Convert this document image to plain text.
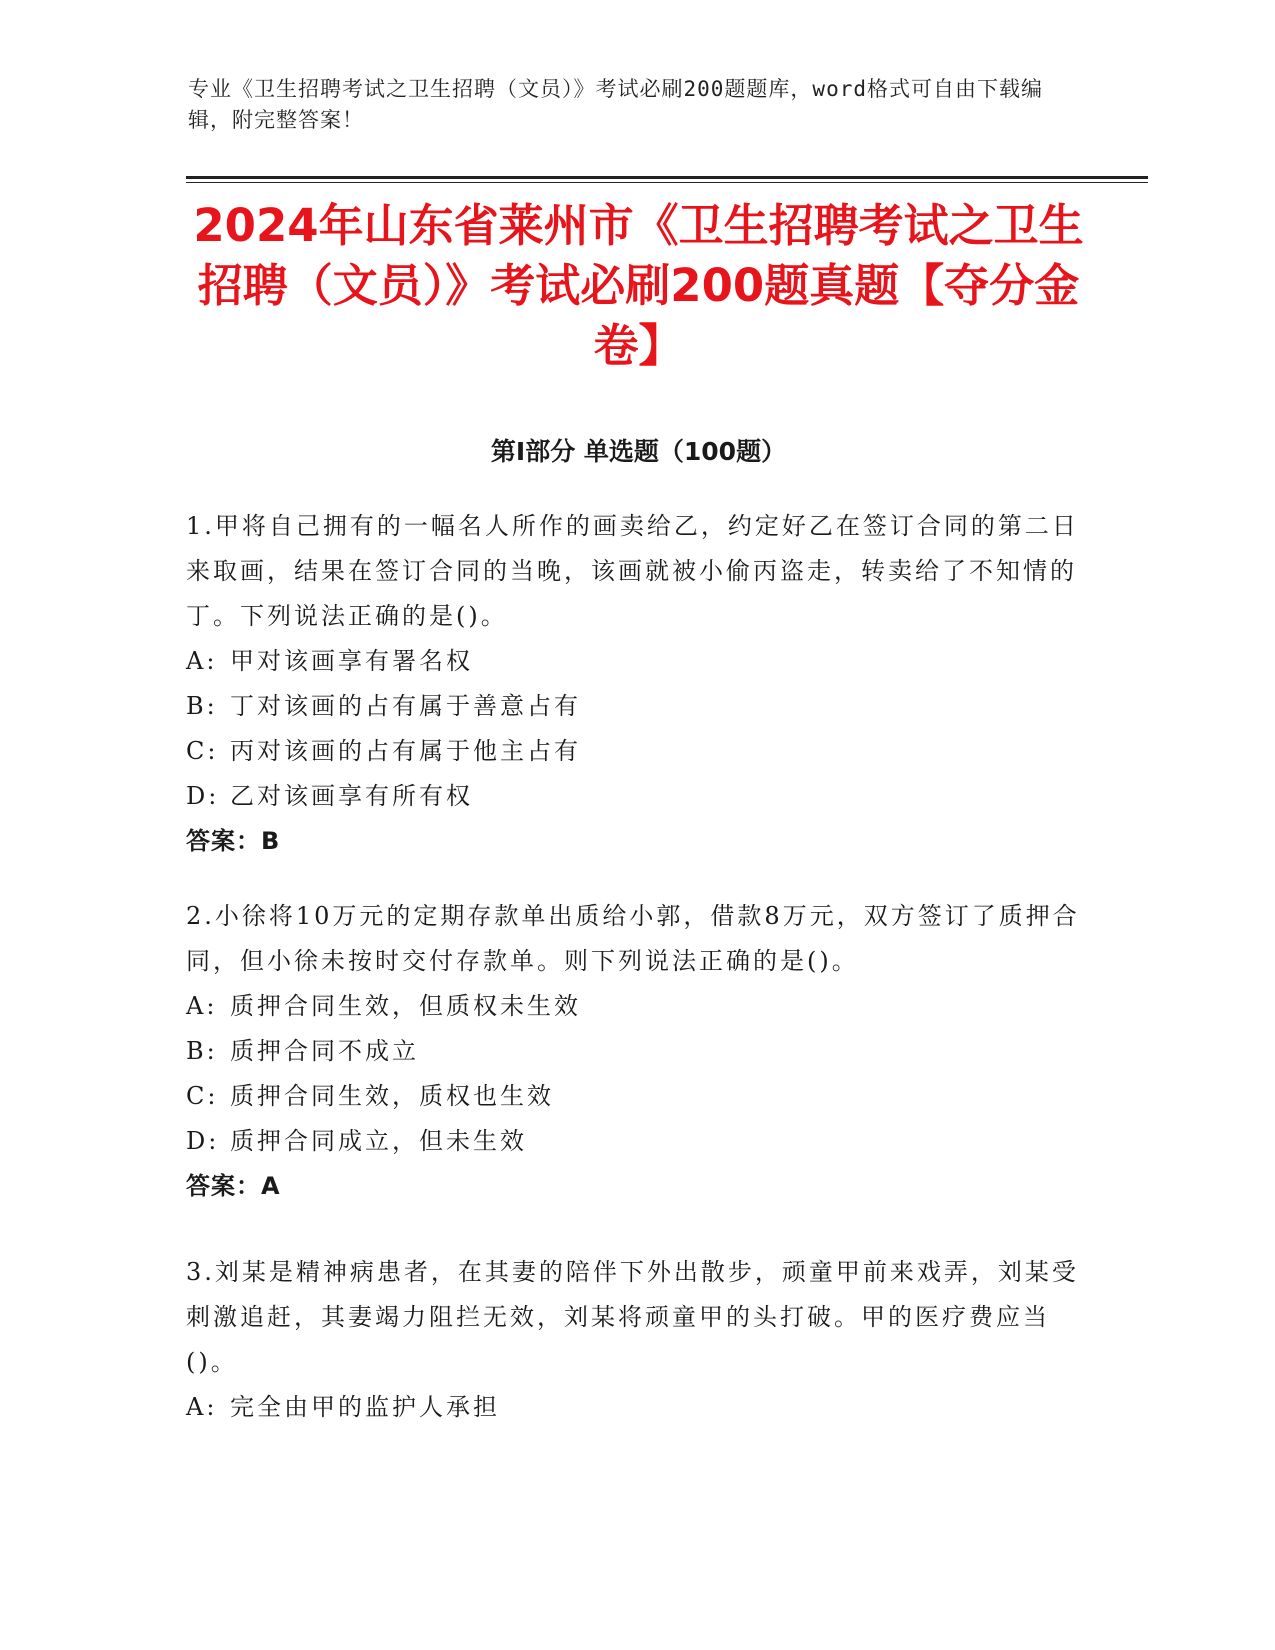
专业《卫生招聘考试之卫生招聘（文员）》考试必刷200题题库，word格式可自由下载编辑，附完整答案！
2024年山东省莱州市《卫生招聘考试之卫生招聘（文员）》考试必刷200题真题【夺分金卷】
第I部分 单选题（100题）

1.甲将自己拥有的一幅名人所作的画卖给乙，约定好乙在签订合同的第二日来取画，结果在签订合同的当晚，该画就被小偷丙盗走，转卖给了不知情的丁。下列说法正确的是()。

A: 甲对该画享有署名权
B: 丁对该画的占有属于善意占有
C: 丙对该画的占有属于他主占有
D: 乙对该画享有所有权

答案：B

2.小徐将10万元的定期存款单出质给小郭，借款8万元，双方签订了质押合同，但小徐未按时交付存款单。则下列说法正确的是()。

A: 质押合同生效，但质权未生效
B: 质押合同不成立
C: 质押合同生效，质权也生效
D: 质押合同成立，但未生效

答案：A

3.刘某是精神病患者，在其妻的陪伴下外出散步，顽童甲前来戏弄，刘某受刺激追赶，其妻竭力阻拦无效，刘某将顽童甲的头打破。甲的医疗费应当()。

A: 完全由甲的监护人承担
